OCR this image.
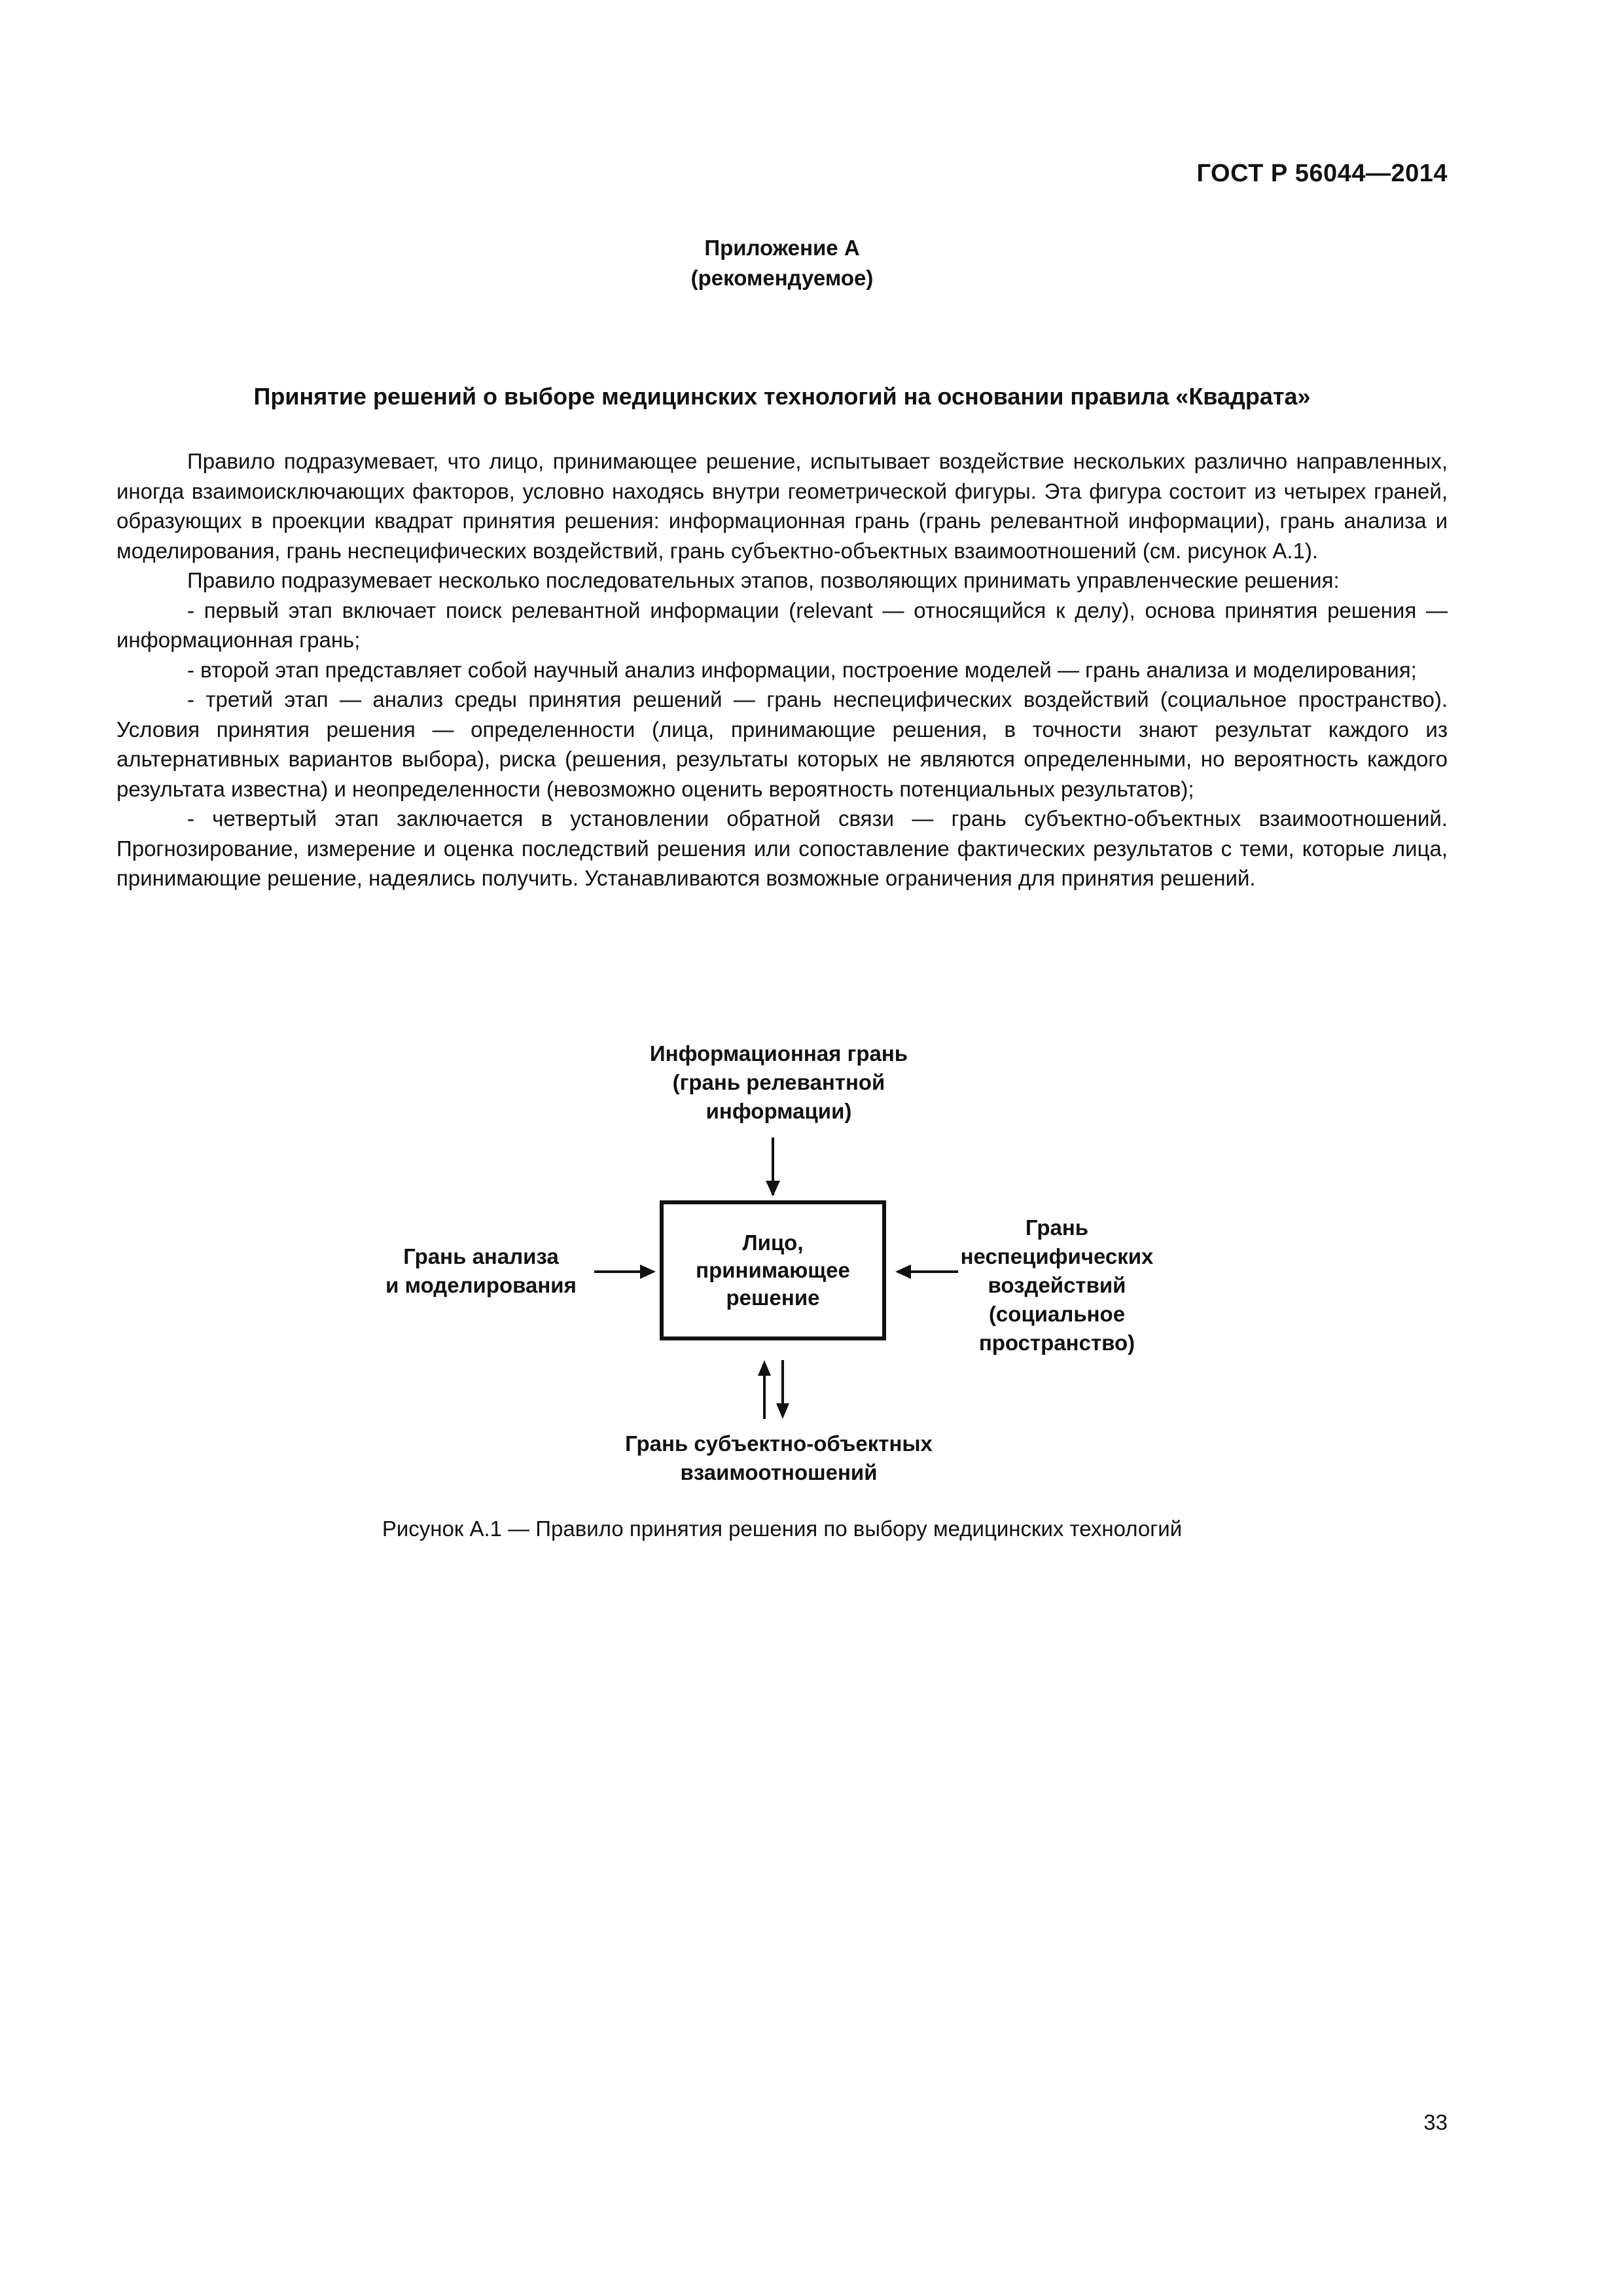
ГОСТ Р 56044—2014
Приложение А
(рекомендуемое)
Принятие решений о выборе медицинских технологий на основании правила «Квадрата»

Правило подразумевает, что лицо, принимающее решение, испытывает воздействие нескольких различно направленных, иногда взаимоисключающих факторов, условно находясь внутри геометрической фигуры. Эта фигура состоит из четырех граней, образующих в проекции квадрат принятия решения: информационная грань (грань релевантной информации), грань анализа и моделирования, грань неспецифических воздействий, грань субъектно-объектных взаимоотношений (см. рисунок А.1).

Правило подразумевает несколько последовательных этапов, позволяющих принимать управленческие решения:

- первый этап включает поиск релевантной информации (relevant — относящийся к делу), основа принятия решения — информационная грань;

- второй этап представляет собой научный анализ информации, построение моделей — грань анализа и моделирования;

- третий этап — анализ среды принятия решений — грань неспецифических воздействий (социальное пространство). Условия принятия решения — определенности (лица, принимающие решения, в точности знают результат каждого из альтернативных вариантов выбора), риска (решения, результаты которых не являются определенными, но вероятность каждого результата известна) и неопределенности (невозможно оценить вероятность потенциальных результатов);

- четвертый этап заключается в установлении обратной связи — грань субъектно-объектных взаимоотношений. Прогнозирование, измерение и оценка последствий решения или сопоставление фактических результатов с теми, которые лица, принимающие решение, надеялись получить. Устанавливаются возможные ограничения для принятия решений.

Информационная грань
(грань релевантной
информации)
Грань анализа
и моделирования
Лицо,
принимающее
решение
Грань
неспецифических
воздействий
(социальное
пространство)
Грань субъектно-объектных
взаимоотношений
Рисунок А.1 — Правило принятия решения по выбору медицинских технологий
33
